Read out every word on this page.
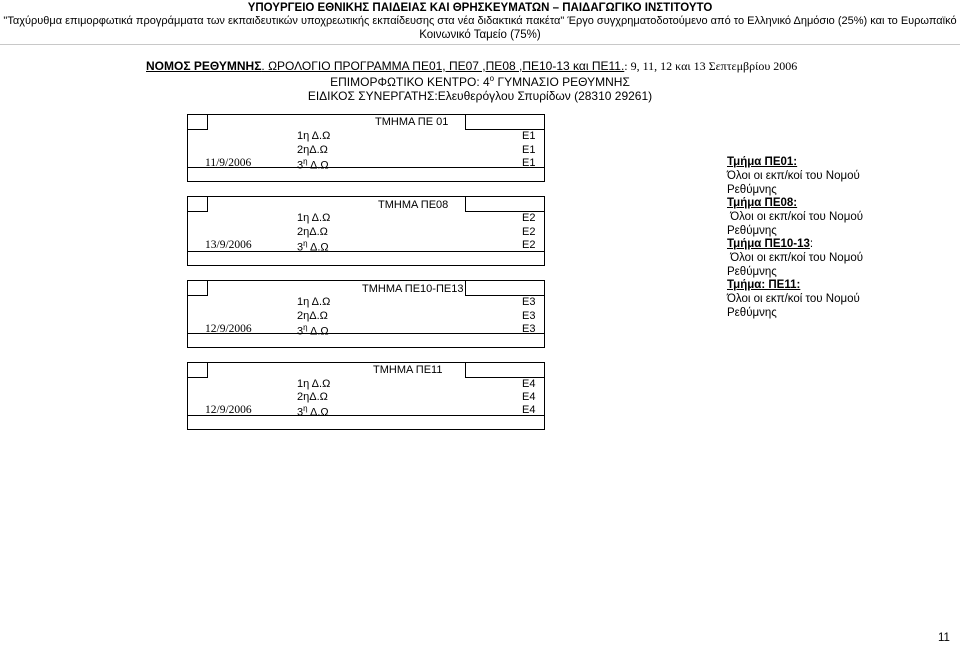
ΥΠΟΥΡΓΕΙΟ ΕΘΝΙΚΗΣ ΠΑΙΔΕΙΑΣ ΚΑΙ ΘΡΗΣΚΕΥΜΑΤΩΝ – ΠΑΙΔΑΓΩΓΙΚΟ ΙΝΣΤΙΤΟΥΤΟ
"Ταχύρυθμα επιμορφωτικά προγράμματα των εκπαιδευτικών υποχρεωτικής εκπαίδευσης στα νέα διδακτικά πακέτα" Έργο συγχρηματοδοτούμενο από το Ελληνικό Δημόσιο (25%) και το Ευρωπαϊκό
Κοινωνικό Ταμείο (75%)
ΝΟΜΟΣ ΡΕΘΥΜΝΗΣ. ΩΡΟΛΟΓΙΟ ΠΡΟΓΡΑΜΜΑ ΠΕ01, ΠΕ07 ,ΠΕ08 ,ΠΕ10-13 και ΠΕ11.: 9, 11, 12 και 13 Σεπτεμβρίου 2006
ΕΠΙΜΟΡΦΩΤΙΚΟ ΚΕΝΤΡΟ: $4^o$ ΓΥΜΝΑΣΙΟ ΡΕΘΥΜΝΗΣ
ΕΙΔΙΚΟΣ ΣΥΝΕΡΓΑΤΗΣ:Ελευθερόγλου Σπυρίδων (28310 29261)
ΤΜΗΜΑ ΠΕ 01
1η Δ.Ω
2ηΔ.Ω
$3^\eta$ Δ.Ω
Ε1
Ε1
Ε1
11/9/2006
ΤΜΗΜΑ ΠΕ08
1η Δ.Ω
2ηΔ.Ω
$3^\eta$ Δ.Ω
Ε2
Ε2
Ε2
13/9/2006
ΤΜΗΜΑ ΠΕ10-ΠΕ13
1η Δ.Ω
2ηΔ.Ω
$3^\eta$ Δ.Ω
Ε3
Ε3
Ε3
12/9/2006
ΤΜΗΜΑ ΠΕ11
1η Δ.Ω
2ηΔ.Ω
$3^\eta$ Δ.Ω
Ε4
Ε4
Ε4
12/9/2006
Τμήμα ΠΕ01:
Όλοι οι εκπ/κοί του Νομού
Ρεθύμνης
Τμήμα ΠΕ08:
Όλοι οι εκπ/κοί του Νομού
Ρεθύμνης
Τμήμα ΠΕ10-13:
Όλοι οι εκπ/κοί του Νομού
Ρεθύμνης
Τμήμα: ΠΕ11:
Όλοι οι εκπ/κοί του Νομού
Ρεθύμνης
11
